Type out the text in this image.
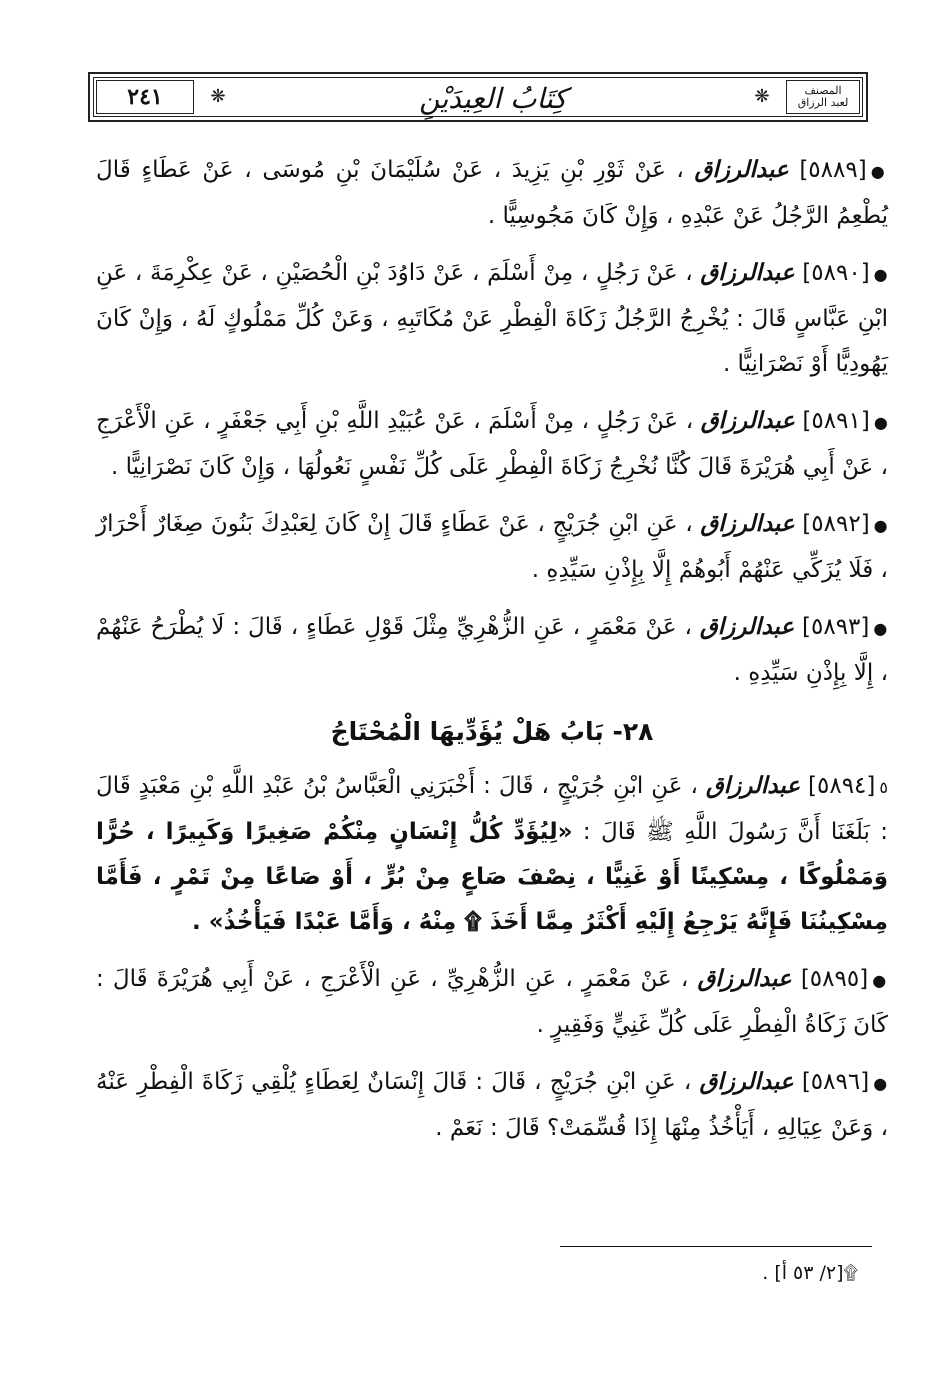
٢٤١	❋	كِتَابُ العِيدَيْنِ	❋	المصنف
لعبد الرزاق

●[٥٨٨٩] عبدالرزاق ، عَنْ ثَوْرِ بْنِ يَزِيدَ ، عَنْ سُلَيْمَانَ بْنِ مُوسَى ، عَنْ عَطَاءٍ قَالَ يُطْعِمُ الرَّجُلُ عَنْ عَبْدِهِ ، وَإِنْ كَانَ مَجُوسِيًّا .

●[٥٨٩٠] عبدالرزاق ، عَنْ رَجُلٍ ، مِنْ أَسْلَمَ ، عَنْ دَاوُدَ بْنِ الْحُصَيْنِ ، عَنْ عِكْرِمَةَ ، عَنِ ابْنِ عَبَّاسٍ قَالَ : يُخْرِجُ الرَّجُلُ زَكَاةَ الْفِطْرِ عَنْ مُكَاتَبِهِ ، وَعَنْ كُلِّ مَمْلُوكٍ لَهُ ، وَإِنْ كَانَ يَهُودِيًّا أَوْ نَصْرَانِيًّا .

●[٥٨٩١] عبدالرزاق ، عَنْ رَجُلٍ ، مِنْ أَسْلَمَ ، عَنْ عُبَيْدِ اللَّهِ بْنِ أَبِي جَعْفَرٍ ، عَنِ الْأَعْرَجِ ، عَنْ أَبِي هُرَيْرَةَ قَالَ كُنَّا نُخْرِجُ زَكَاةَ الْفِطْرِ عَلَى كُلِّ نَفْسٍ نَعُولُهَا ، وَإِنْ كَانَ نَصْرَانِيًّا .

●[٥٨٩٢] عبدالرزاق ، عَنِ ابْنِ جُرَيْجٍ ، عَنْ عَطَاءٍ قَالَ إِنْ كَانَ لِعَبْدِكَ بَنُونَ صِغَارٌ أَحْرَارٌ ، فَلَا يُزَكِّي عَنْهُمْ أَبُوهُمْ إِلَّا بِإِذْنِ سَيِّدِهِ .

●[٥٨٩٣] عبدالرزاق ، عَنْ مَعْمَرٍ ، عَنِ الزُّهْرِيِّ مِثْلَ قَوْلِ عَطَاءٍ ، قَالَ : لَا يُطْرَحُ عَنْهُمْ ، إِلَّا بِإِذْنِ سَيِّدِهِ .

٢٨- بَابُ هَلْ يُؤَدِّيهَا الْمُحْتَاجُ

٥[٥٨٩٤] عبدالرزاق ، عَنِ ابْنِ جُرَيْجٍ ، قَالَ : أَخْبَرَنِي الْعَبَّاسُ بْنُ عَبْدِ اللَّهِ بْنِ مَعْبَدٍ قَالَ : بَلَغَنَا أَنَّ رَسُولَ اللَّهِ ﷺ قَالَ : «لِيُؤَدِّ كُلُّ إِنْسَانٍ مِنْكُمْ صَغِيرًا وَكَبِيرًا ، حُرًّا وَمَمْلُوكًا ، مِسْكِينًا أَوْ غَنِيًّا ، نِصْفَ صَاعٍ مِنْ بُرٍّ ، أَوْ صَاعًا مِنْ تَمْرٍ ، فَأَمَّا مِسْكِينُنَا فَإِنَّهُ يَرْجِعُ إِلَيْهِ أَكْثَرُ مِمَّا أَخَذَ ۩ مِنْهُ ، وَأَمَّا عَبْدًا فَيَأْخُذُ» .

●[٥٨٩٥] عبدالرزاق ، عَنْ مَعْمَرٍ ، عَنِ الزُّهْرِيِّ ، عَنِ الْأَعْرَجِ ، عَنْ أَبِي هُرَيْرَةَ قَالَ : كَانَ زَكَاةُ الْفِطْرِ عَلَى كُلِّ غَنِيٍّ وَفَقِيرٍ .

●[٥٨٩٦] عبدالرزاق ، عَنِ ابْنِ جُرَيْجٍ ، قَالَ : قَالَ إِنْسَانٌ لِعَطَاءٍ يُلْقِي زَكَاةَ الْفِطْرِ عَنْهُ ، وَعَنْ عِيَالِهِ ، أَيَأْخُذُ مِنْهَا إِذَا قُسِّمَتْ؟ قَالَ : نَعَمْ .

۩[٢/ ٥٣ أ] .
